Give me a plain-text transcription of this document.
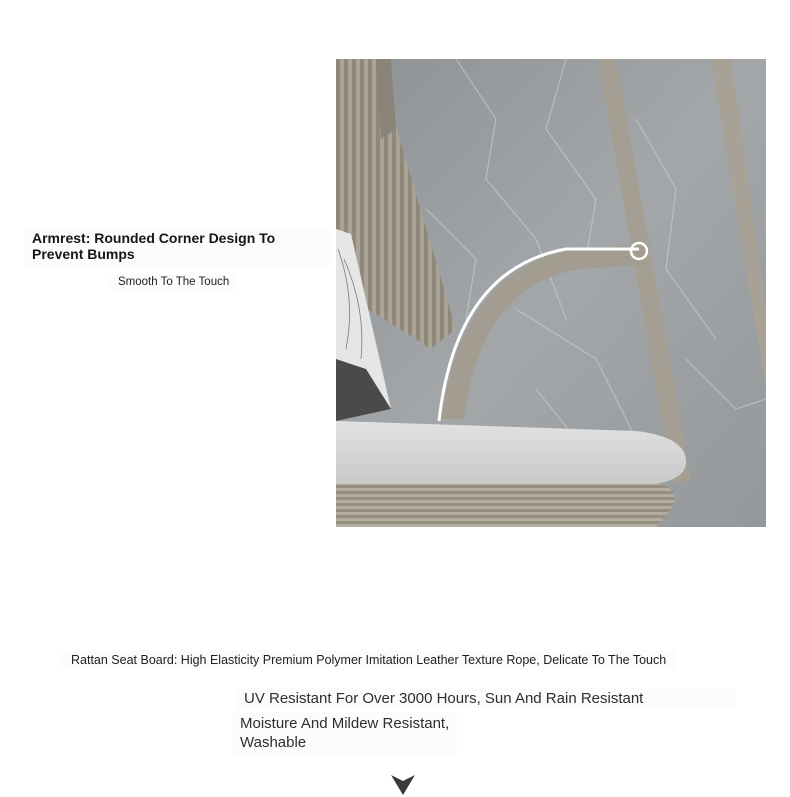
Armrest: Rounded Corner Design To Prevent Bumps
Smooth To The Touch
Rattan Seat Board: High Elasticity Premium Polymer Imitation Leather Texture Rope, Delicate To The Touch
UV Resistant For Over 3000 Hours, Sun And Rain Resistant
Moisture And Mildew Resistant,
Washable
